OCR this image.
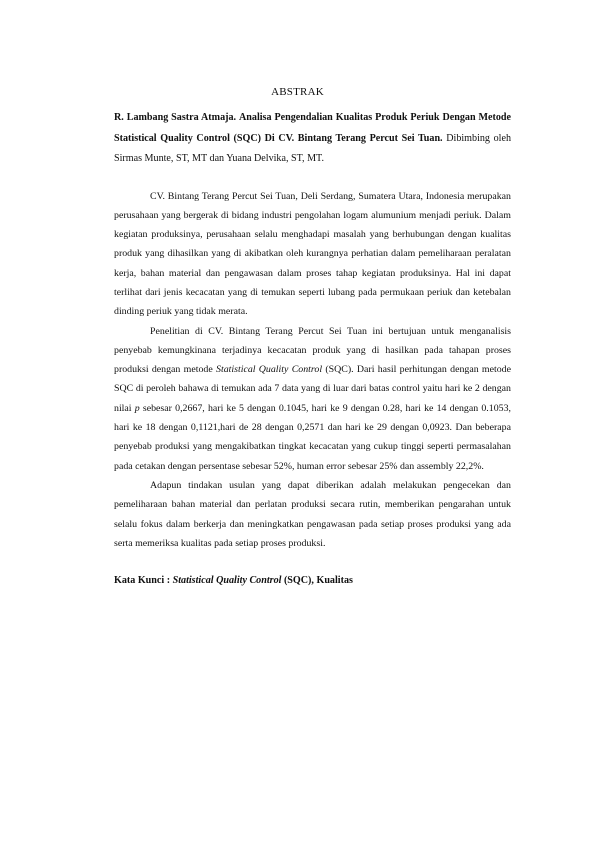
ABSTRAK

R. Lambang Sastra Atmaja. Analisa Pengendalian Kualitas Produk Periuk Dengan Metode Statistical Quality Control (SQC) Di CV. Bintang Terang Percut Sei Tuan. Dibimbing oleh Sirmas Munte, ST, MT dan Yuana Delvika, ST, MT.

CV. Bintang Terang Percut Sei Tuan, Deli Serdang, Sumatera Utara, Indonesia merupakan perusahaan yang bergerak di bidang industri pengolahan logam alumunium menjadi periuk. Dalam kegiatan produksinya, perusahaan selalu menghadapi masalah yang berhubungan dengan kualitas produk yang dihasilkan yang di akibatkan oleh kurangnya perhatian dalam pemeliharaan peralatan kerja, bahan material dan pengawasan dalam proses tahap kegiatan produksinya. Hal ini dapat terlihat dari jenis kecacatan yang di temukan seperti lubang pada permukaan periuk dan ketebalan dinding periuk yang tidak merata.

Penelitian di CV. Bintang Terang Percut Sei Tuan ini bertujuan untuk menganalisis penyebab kemungkinana terjadinya kecacatan produk yang di hasilkan pada tahapan proses produksi dengan metode Statistical Quality Control (SQC). Dari hasil perhitungan dengan metode SQC di peroleh bahawa di temukan ada 7 data yang di luar dari batas control yaitu hari ke 2 dengan nilai p sebesar 0,2667, hari ke 5 dengan 0.1045, hari ke 9 dengan 0.28, hari ke 14 dengan 0.1053, hari ke 18 dengan 0,1121,hari de 28 dengan 0,2571 dan hari ke 29 dengan 0,0923. Dan beberapa penyebab produksi yang mengakibatkan tingkat kecacatan yang cukup tinggi seperti permasalahan pada cetakan dengan persentase sebesar 52%, human error sebesar 25% dan assembly 22,2%.

Adapun tindakan usulan yang dapat diberikan adalah melakukan pengecekan dan pemeliharaan bahan material dan perlatan produksi secara rutin, memberikan pengarahan untuk selalu fokus dalam berkerja dan meningkatkan pengawasan pada setiap proses produksi yang ada serta memeriksa kualitas pada setiap proses produksi.

Kata Kunci : Statistical Quality Control (SQC), Kualitas
